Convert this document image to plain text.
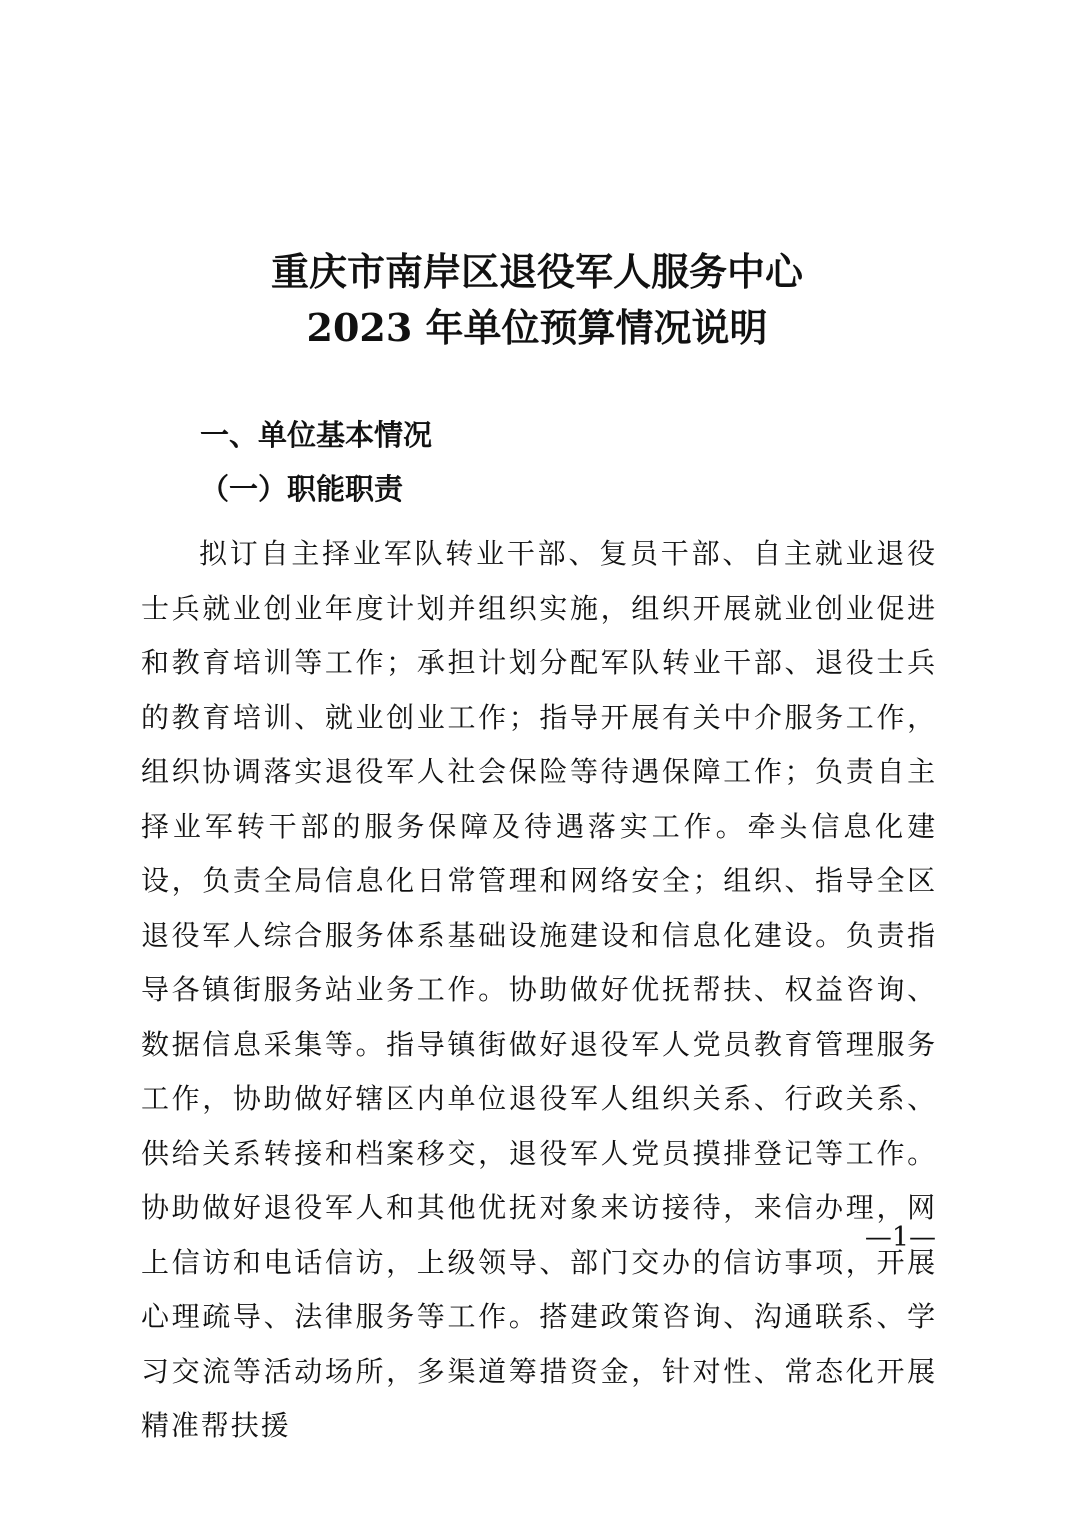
重庆市南岸区退役军人服务中心
2023 年单位预算情况说明
一、单位基本情况
（一）职能职责

拟订自主择业军队转业干部、复员干部、自主就业退役士兵就业创业年度计划并组织实施，组织开展就业创业促进和教育培训等工作；承担计划分配军队转业干部、退役士兵的教育培训、就业创业工作；指导开展有关中介服务工作，组织协调落实退役军人社会保险等待遇保障工作；负责自主择业军转干部的服务保障及待遇落实工作。牵头信息化建设，负责全局信息化日常管理和网络安全；组织、指导全区退役军人综合服务体系基础设施建设和信息化建设。负责指导各镇街服务站业务工作。协助做好优抚帮扶、权益咨询、数据信息采集等。指导镇街做好退役军人党员教育管理服务工作，协助做好辖区内单位退役军人组织关系、行政关系、供给关系转接和档案移交，退役军人党员摸排登记等工作。协助做好退役军人和其他优抚对象来访接待，来信办理，网上信访和电话信访，上级领导、部门交办的信访事项，开展心理疏导、法律服务等工作。搭建政策咨询、沟通联系、学习交流等活动场所，多渠道筹措资金，针对性、常态化开展精准帮扶援

—1—
